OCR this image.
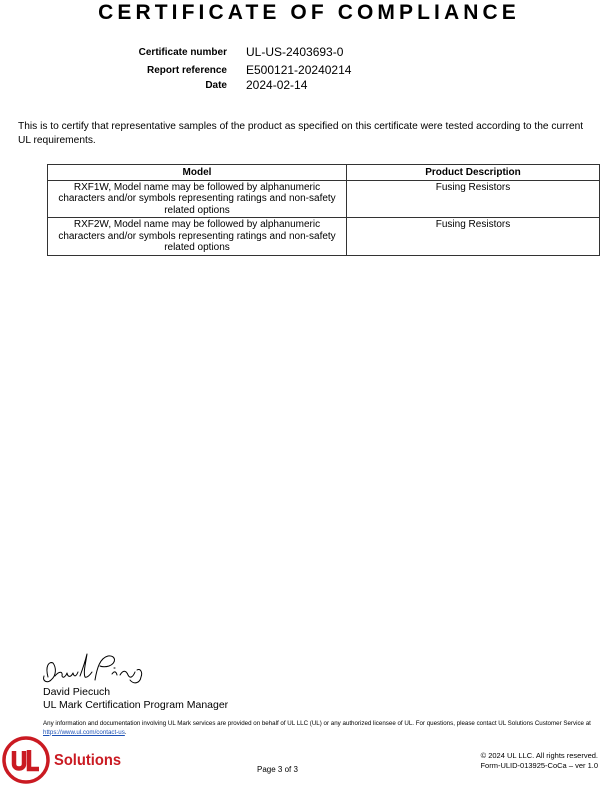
CERTIFICATE OF COMPLIANCE
Certificate number UL-US-2403693-0
Report reference E500121-20240214
Date 2024-02-14
This is to certify that representative samples of the product as specified on this certificate were tested according to the current UL requirements.
Model	Product Description
RXF1W, Model name may be followed by alphanumeric characters and/or symbols representing ratings and non-safety related options	Fusing Resistors
RXF2W, Model name may be followed by alphanumeric characters and/or symbols representing ratings and non-safety related options	Fusing Resistors
David Piecuch
UL Mark Certification Program Manager
Any information and documentation involving UL Mark services are provided on behalf of UL LLC (UL) or any authorized licensee of UL. For questions, please contact UL Solutions Customer Service at https://www.ul.com/contact-us.
Solutions
Page 3 of 3
© 2024 UL LLC. All rights reserved.
Form-ULID-013925-CoCa – ver 1.0
